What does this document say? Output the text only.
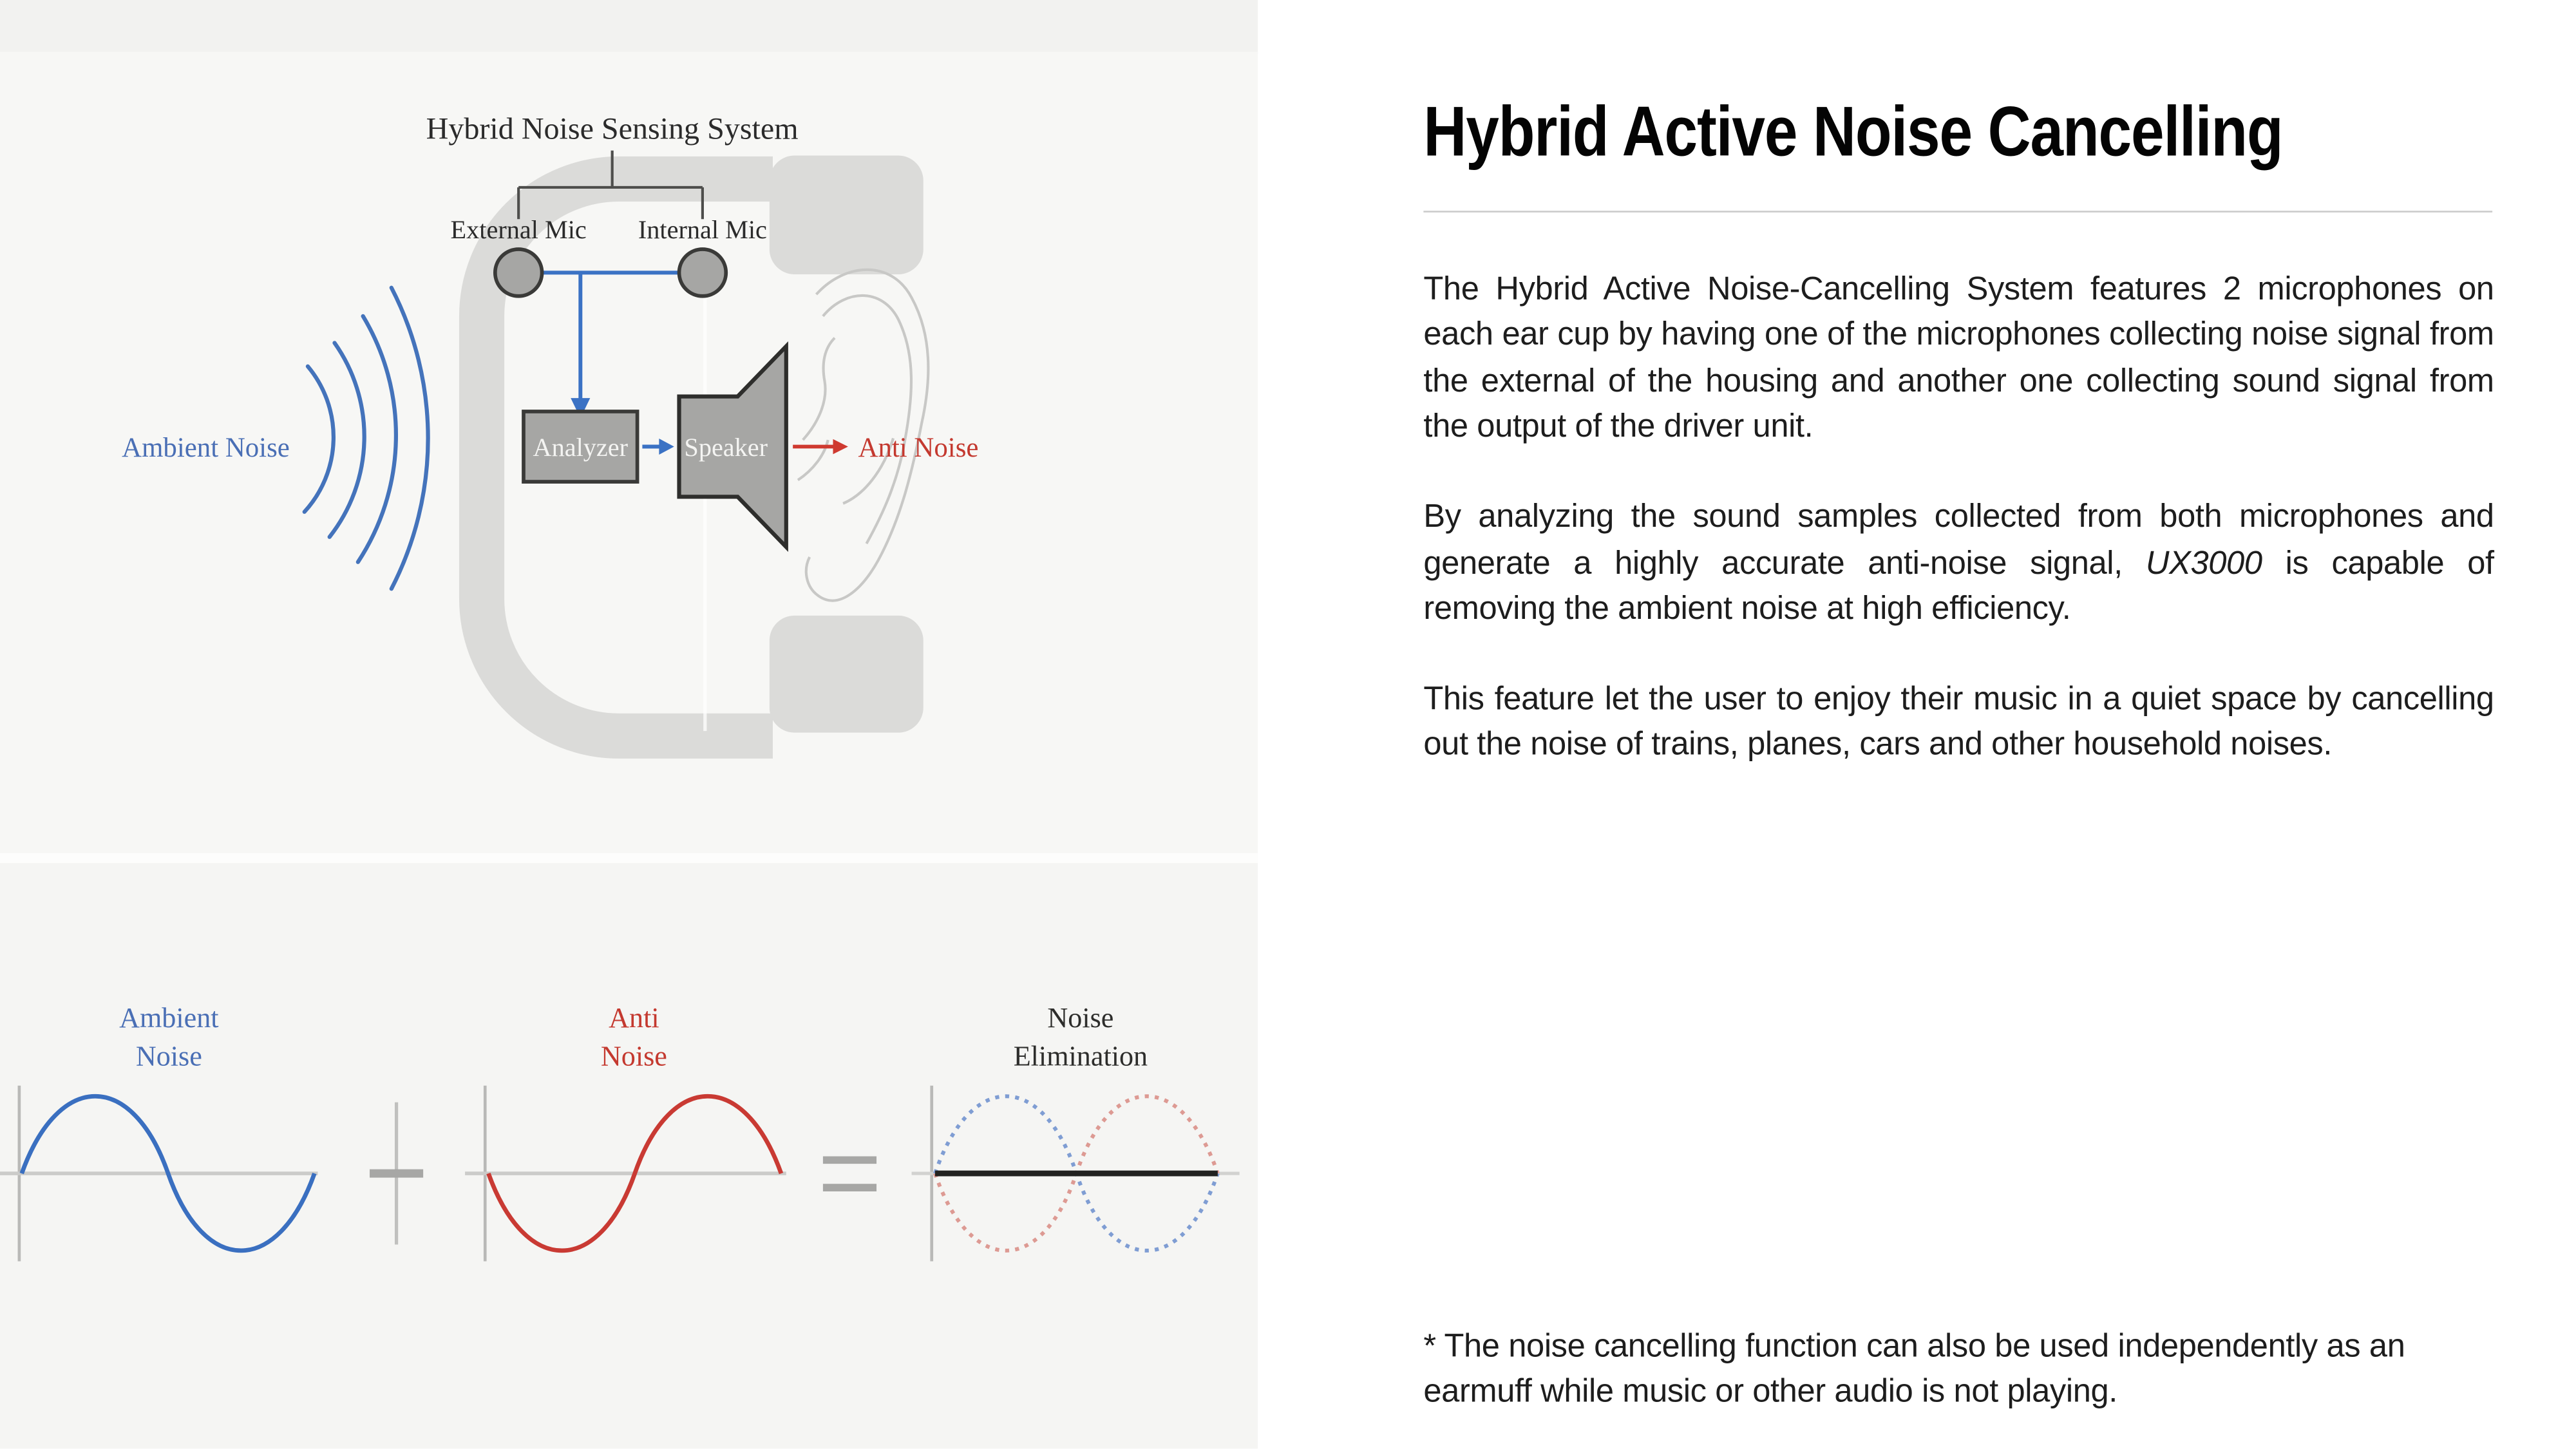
Hybrid Noise Sensing System
External Mic	Internal Mic
Analyzer	Speaker	Anti Noise
Ambient Noise
Ambient
Noise
Anti
Noise
Noise
Elimination
Hybrid Active Noise Cancelling

The Hybrid Active Noise-Cancelling System features 2 microphones on each ear cup by having one of the microphones collecting noise signal from the external of the housing and another one collecting sound signal from the output of the driver unit.

By analyzing the sound samples collected from both microphones and generate a highly accurate anti-noise signal, UX3000 is capable of removing the ambient noise at high efficiency.

This feature let the user to enjoy their music in a quiet space by cancelling out the noise of trains, planes, cars and other household noises.

* The noise cancelling function can also be used independently as an earmuff while music or other audio is not playing.
